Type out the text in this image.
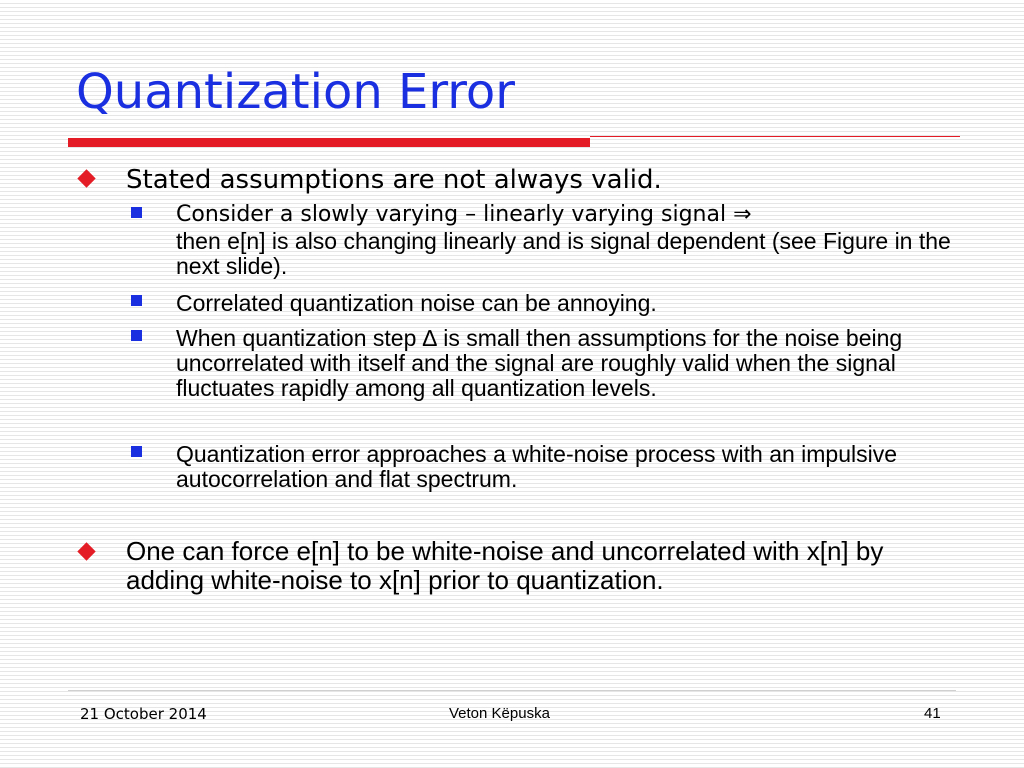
Quantization Error
Stated assumptions are not always valid.
Consider a slowly varying – linearly varying signal ⇒
then e[n] is also changing linearly and is signal dependent (see Figure in the next slide).
Correlated quantization noise can be annoying.
When quantization step ∆ is small then assumptions for the noise being uncorrelated with itself and the signal are roughly valid when the signal fluctuates rapidly among all quantization levels.
Quantization error approaches a white-noise process with an impulsive autocorrelation and flat spectrum.
One can force e[n] to be white-noise and uncorrelated with x[n] by adding white-noise to x[n] prior to quantization.
21 October 2014	Veton Këpuska	41
